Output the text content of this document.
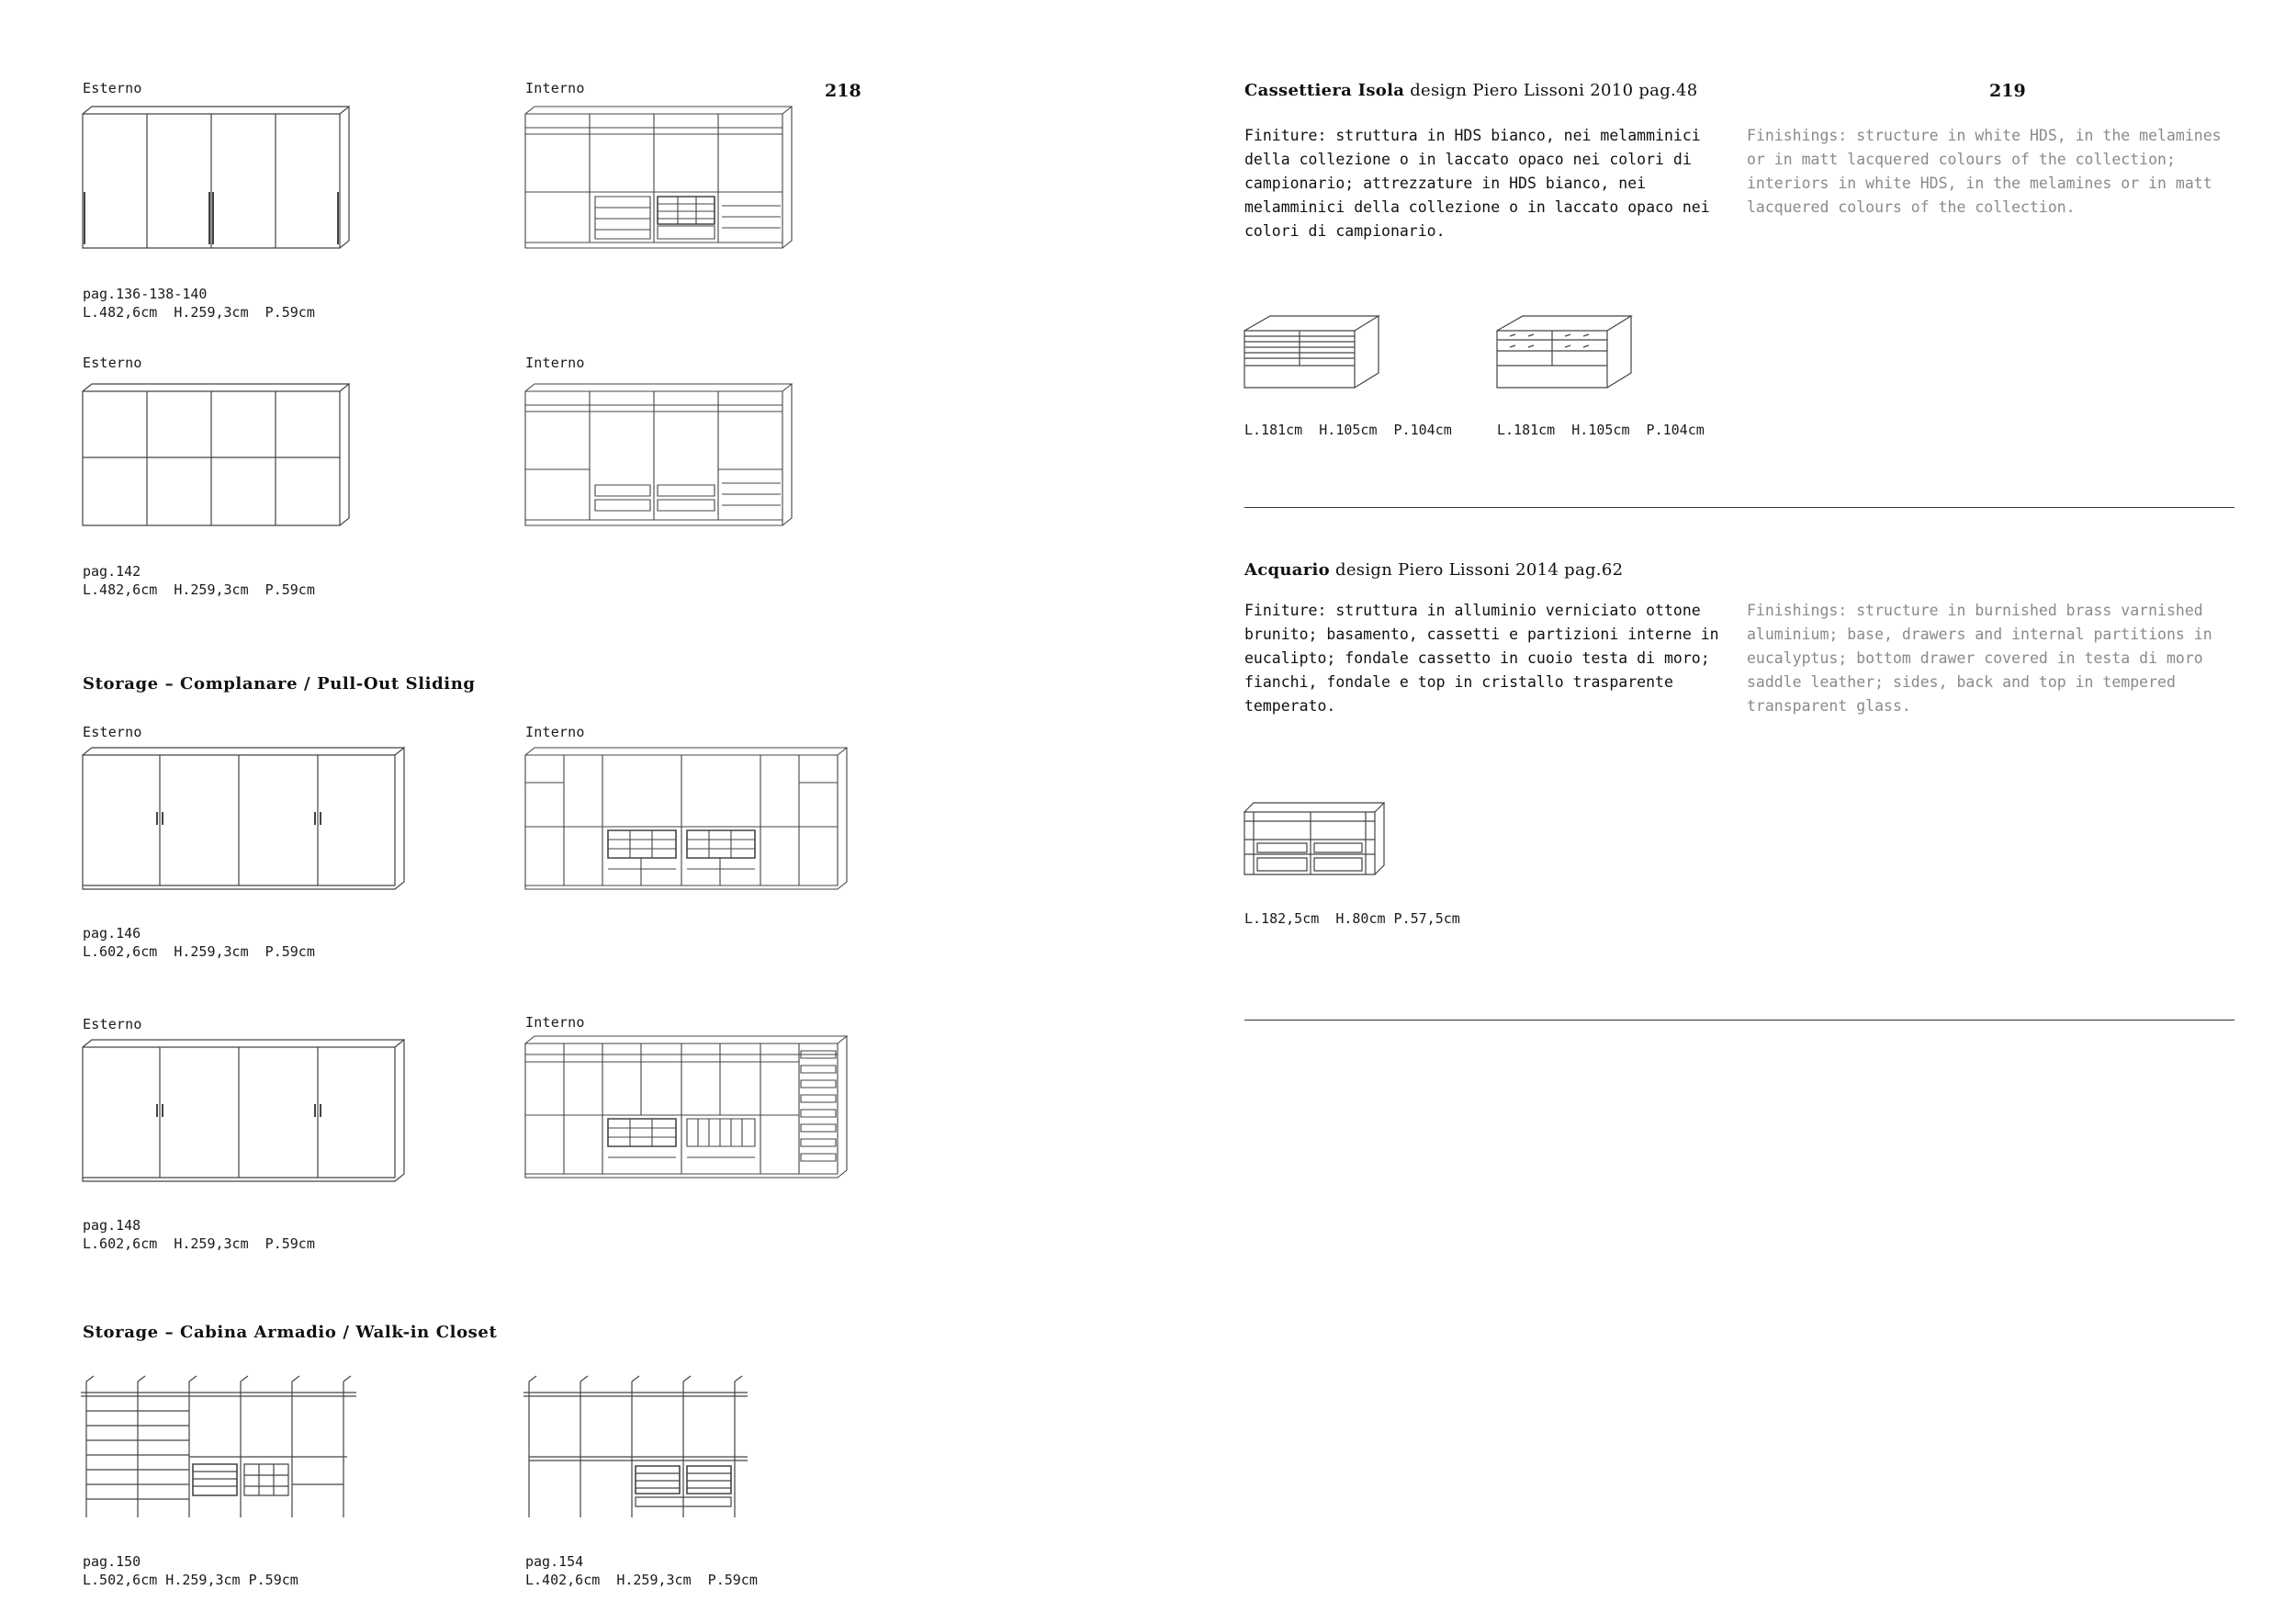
218
Esterno	Interno
pag.136-138-140
L.482,6cm  H.259,3cm  P.59cm
Esterno	Interno
pag.142
L.482,6cm  H.259,3cm  P.59cm
Storage – Complanare / Pull-Out Sliding
Esterno	Interno
pag.146
L.602,6cm  H.259,3cm  P.59cm
Esterno	Interno
pag.148
L.602,6cm  H.259,3cm  P.59cm
Storage – Cabina Armadio / Walk-in Closet
pag.150
L.502,6cm H.259,3cm P.59cm
pag.154
L.402,6cm  H.259,3cm  P.59cm
219
Cassettiera Isola design Piero Lissoni 2010 pag.48
Finiture: struttura in HDS bianco, nei melamminici della collezione o in laccato opaco nei colori di campionario; attrezzature in HDS bianco, nei melamminici della collezione o in laccato opaco nei colori di campionario.
Finishings: structure in white HDS, in the melamines or in matt lacquered colours of the collection; interiors in white HDS, in the melamines or in matt lacquered colours of the collection.
L.181cm  H.105cm  P.104cm	L.181cm  H.105cm  P.104cm
Acquario design Piero Lissoni 2014 pag.62
Finiture: struttura in alluminio verniciato ottone brunito; basamento, cassetti e partizioni interne in eucalipto; fondale cassetto in cuoio testa di moro; fianchi, fondale e top in cristallo trasparente temperato.
Finishings: structure in burnished brass varnished aluminium; base, drawers and internal partitions in eucalyptus; bottom drawer covered in testa di moro saddle leather; sides, back and top in tempered transparent glass.
L.182,5cm  H.80cm P.57,5cm
